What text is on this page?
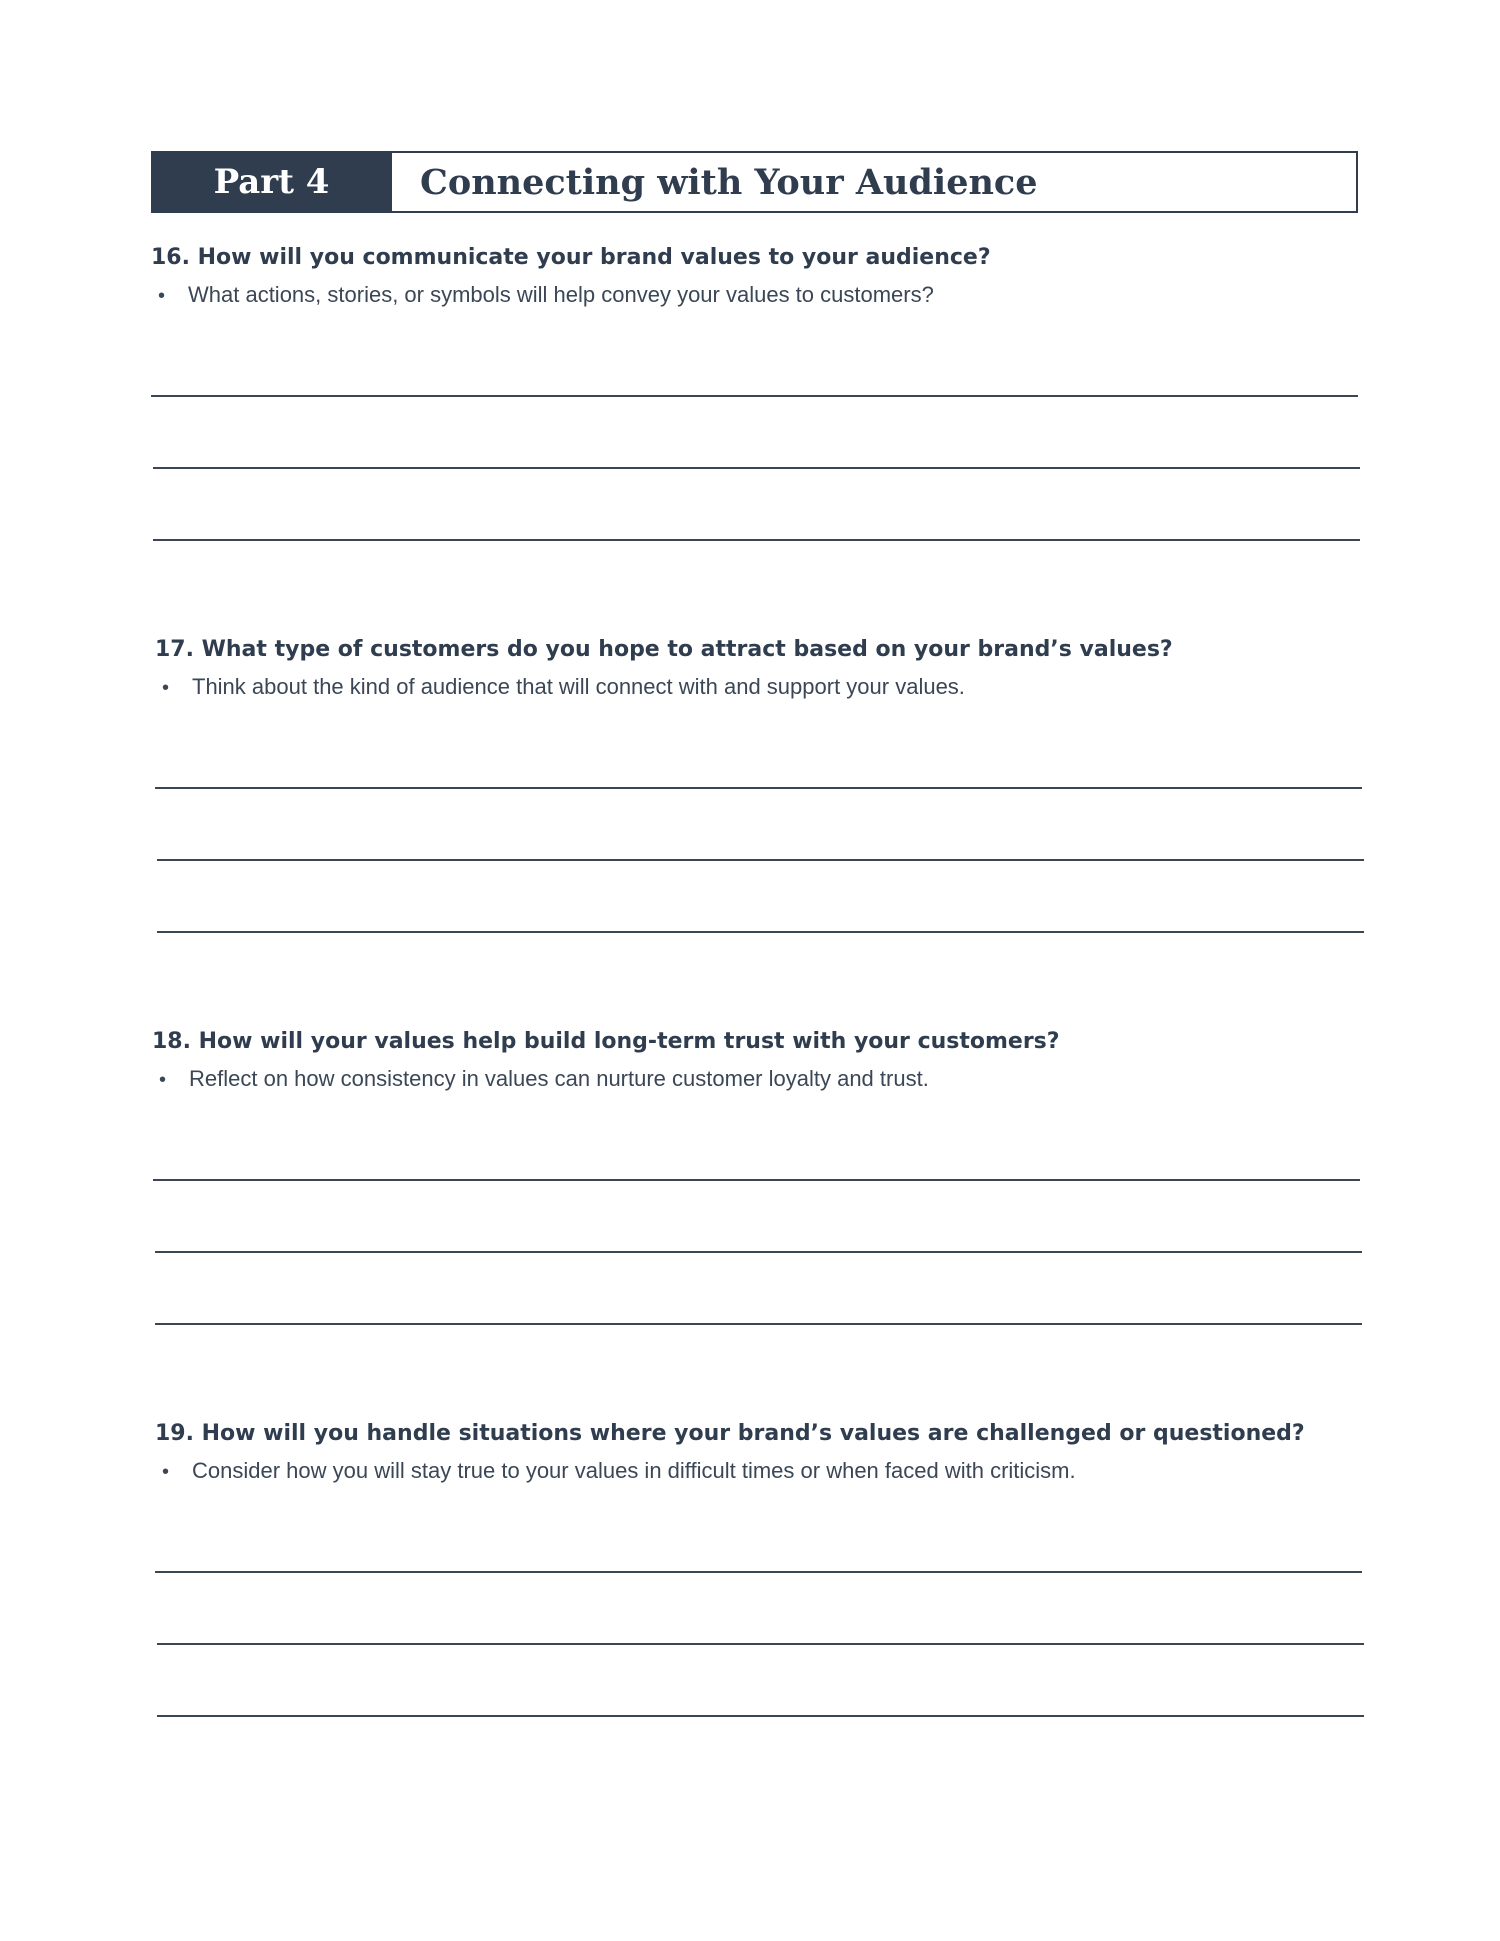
Part 4	Connecting with Your Audience
16. How will you communicate your brand values to your audience?
• What actions, stories, or symbols will help convey your values to customers?
17. What type of customers do you hope to attract based on your brand’s values?
• Think about the kind of audience that will connect with and support your values.
18. How will your values help build long-term trust with your customers?
• Reflect on how consistency in values can nurture customer loyalty and trust.
19. How will you handle situations where your brand’s values are challenged or questioned?
• Consider how you will stay true to your values in difficult times or when faced with criticism.
